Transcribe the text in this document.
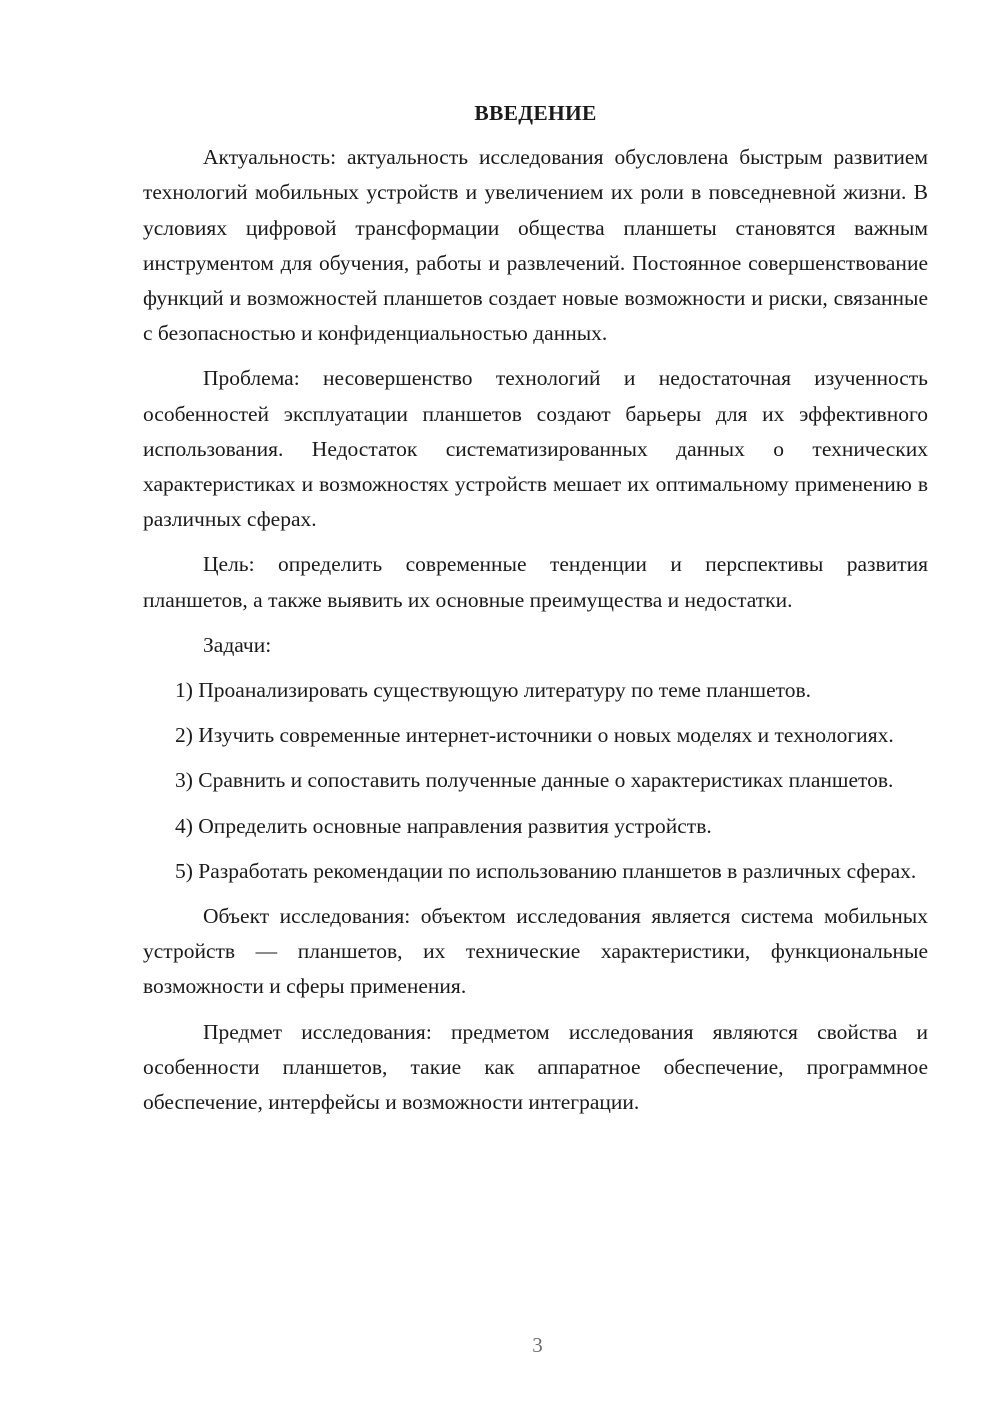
ВВЕДЕНИЕ

Актуальность: актуальность исследования обусловлена быстрым развитием технологий мобильных устройств и увеличением их роли в повседневной жизни. В условиях цифровой трансформации общества планшеты становятся важным инструментом для обучения, работы и развлечений. Постоянное совершенствование функций и возможностей планшетов создает новые возможности и риски, связанные с безопасностью и конфиденциальностью данных.

Проблема: несовершенство технологий и недостаточная изученность особенностей эксплуатации планшетов создают барьеры для их эффективного использования. Недостаток систематизированных данных о технических характеристиках и возможностях устройств мешает их оптимальному применению в различных сферах.

Цель: определить современные тенденции и перспективы развития планшетов, а также выявить их основные преимущества и недостатки.

Задачи:

1) Проанализировать существующую литературу по теме планшетов.

2) Изучить современные интернет-источники о новых моделях и технологиях.

3) Сравнить и сопоставить полученные данные о характеристиках планшетов.

4) Определить основные направления развития устройств.

5) Разработать рекомендации по использованию планшетов в различных сферах.

Объект исследования: объектом исследования является система мобильных устройств — планшетов, их технические характеристики, функциональные возможности и сферы применения.

Предмет исследования: предметом исследования являются свойства и особенности планшетов, такие как аппаратное обеспечение, программное обеспечение, интерфейсы и возможности интеграции.

3
